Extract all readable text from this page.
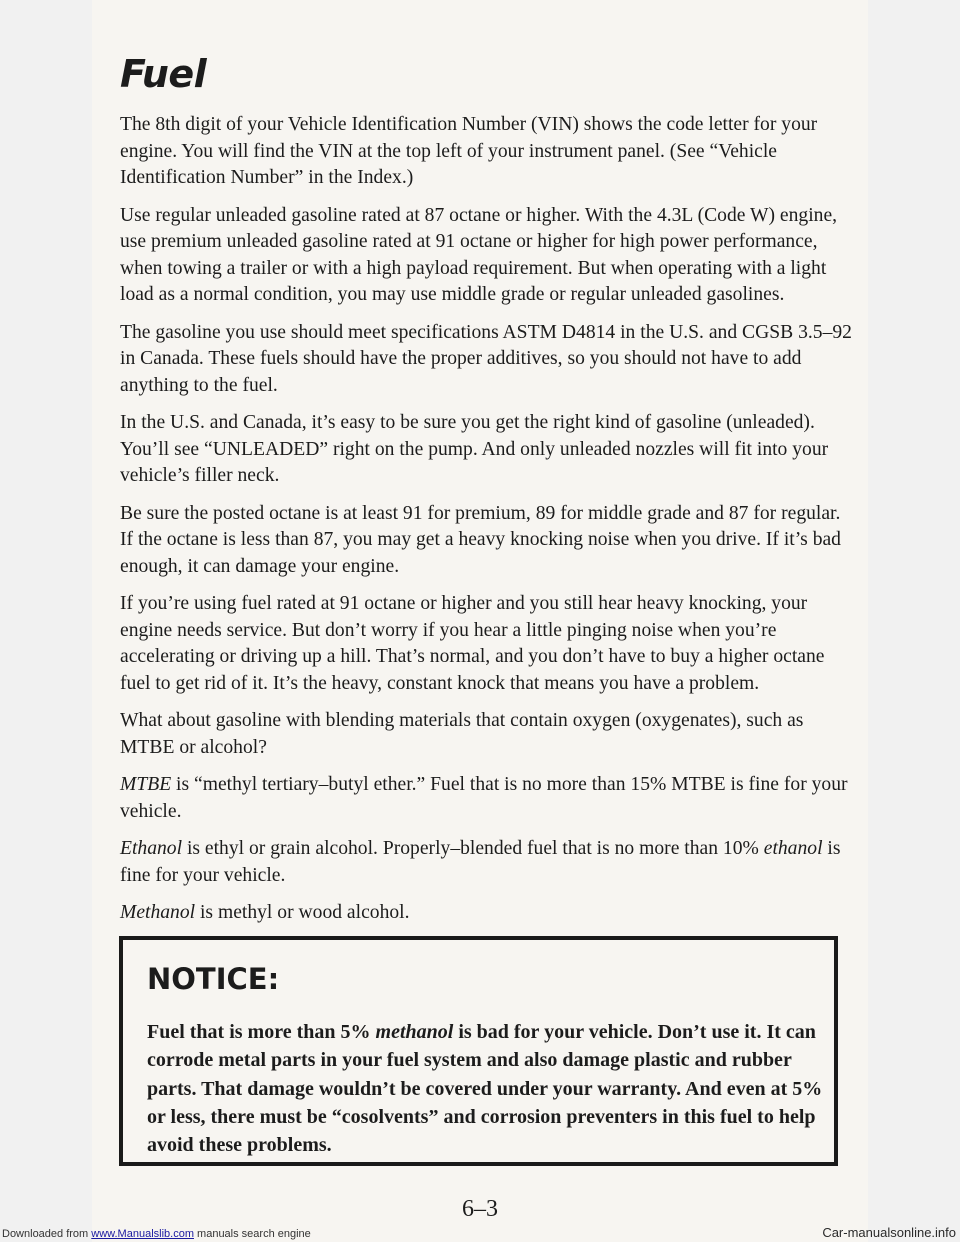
Fuel

The 8th digit of your Vehicle Identification Number (VIN) shows the code letter for your engine. You will find the VIN at the top left of your instrument panel. (See “Vehicle Identification Number” in the Index.)

Use regular unleaded gasoline rated at 87 octane or higher. With the 4.3L (Code W) engine, use premium unleaded gasoline rated at 91 octane or higher for high power performance, when towing a trailer or with a high payload requirement. But when operating with a light load as a normal condition, you may use middle grade or regular unleaded gasolines.

The gasoline you use should meet specifications ASTM D4814 in the U.S. and CGSB 3.5–92 in Canada. These fuels should have the proper additives, so you should not have to add anything to the fuel.

In the U.S. and Canada, it’s easy to be sure you get the right kind of gasoline (unleaded). You’ll see “UNLEADED” right on the pump. And only unleaded nozzles will fit into your vehicle’s filler neck.

Be sure the posted octane is at least 91 for premium, 89 for middle grade and 87 for regular. If the octane is less than 87, you may get a heavy knocking noise when you drive. If it’s bad enough, it can damage your engine.

If you’re using fuel rated at 91 octane or higher and you still hear heavy knocking, your engine needs service. But don’t worry if you hear a little pinging noise when you’re accelerating or driving up a hill. That’s normal, and you don’t have to buy a higher octane fuel to get rid of it. It’s the heavy, constant knock that means you have a problem.

What about gasoline with blending materials that contain oxygen (oxygenates), such as MTBE or alcohol?

MTBE is “methyl tertiary–butyl ether.” Fuel that is no more than 15% MTBE is fine for your vehicle.

Ethanol is ethyl or grain alcohol. Properly–blended fuel that is no more than 10% ethanol is fine for your vehicle.

Methanol is methyl or wood alcohol.

NOTICE:

Fuel that is more than 5% methanol is bad for your vehicle. Don’t use it. It can corrode metal parts in your fuel system and also damage plastic and rubber parts. That damage wouldn’t be covered under your warranty. And even at 5% or less, there must be “cosolvents” and corrosion preventers in this fuel to help avoid these problems.

6–3
Downloaded from www.Manualslib.com manuals search engine	Car-manualsonline.info
